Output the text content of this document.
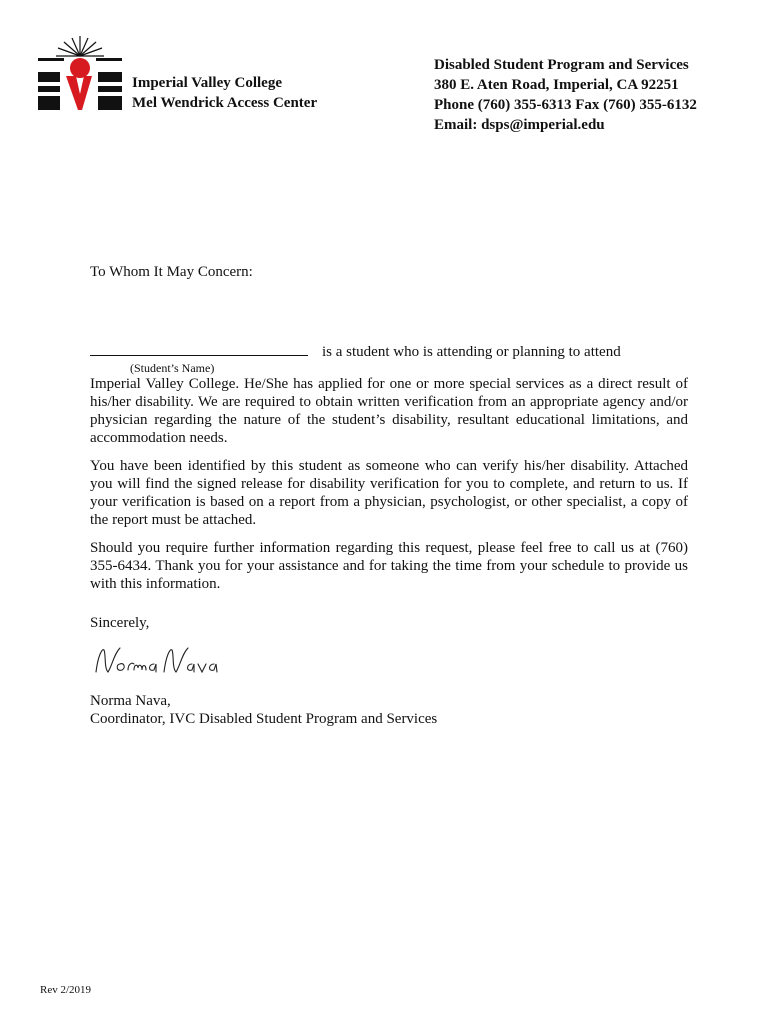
Imperial Valley College
Mel Wendrick Access Center
Disabled Student Program and Services
380 E. Aten Road, Imperial, CA 92251
Phone (760) 355-6313 Fax (760) 355-6132
Email: dsps@imperial.edu
To Whom It May Concern:
is a student who is attending or planning to attend
(Student’s Name)

Imperial Valley College. He/She has applied for one or more special services as a direct result of his/her disability. We are required to obtain written verification from an appropriate agency and/or physician regarding the nature of the student’s disability, resultant educational limitations, and accommodation needs.

You have been identified by this student as someone who can verify his/her disability. Attached you will find the signed release for disability verification for you to complete, and return to us. If your verification is based on a report from a physician, psychologist, or other specialist, a copy of the report must be attached.

Should you require further information regarding this request, please feel free to call us at (760) 355-6434. Thank you for your assistance and for taking the time from your schedule to provide us with this information.

Sincerely,
Norma Nava,
Coordinator, IVC Disabled Student Program and Services
Rev 2/2019
